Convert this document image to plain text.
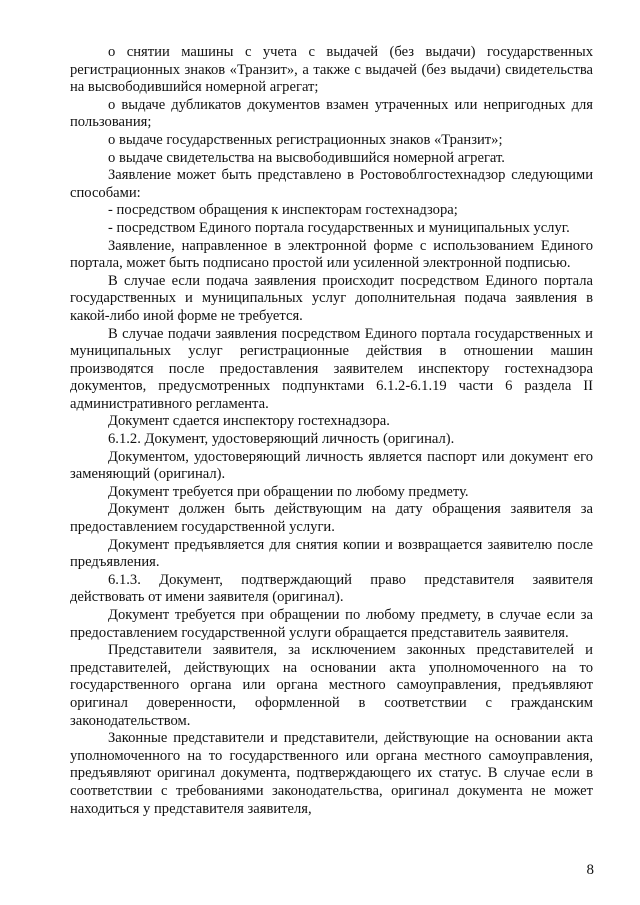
о снятии машины с учета с выдачей (без выдачи) государственных регистрационных знаков «Транзит», а также с выдачей (без выдачи) свидетельства на высвободившийся номерной агрегат;

о выдаче дубликатов документов взамен утраченных или непригодных для пользования;

о выдаче государственных регистрационных знаков «Транзит»;

о выдаче свидетельства на высвободившийся номерной агрегат.

Заявление может быть представлено в Ростовоблгостехнадзор следующими способами:

- посредством обращения к инспекторам гостехнадзора;

- посредством Единого портала государственных и муниципальных услуг.

Заявление, направленное в электронной форме с использованием Единого портала, может быть подписано простой или усиленной электронной подписью.

В случае если подача заявления происходит посредством Единого портала государственных и муниципальных услуг дополнительная подача заявления в какой-либо иной форме не требуется.

В случае подачи заявления посредством Единого портала государственных и муниципальных услуг регистрационные действия в отношении машин производятся после предоставления заявителем инспектору гостехнадзора документов, предусмотренных подпунктами 6.1.2-6.1.19 части 6 раздела II административного регламента.

Документ сдается инспектору гостехнадзора.

6.1.2. Документ, удостоверяющий личность (оригинал).

Документом, удостоверяющий личность является паспорт или документ его заменяющий (оригинал).

Документ требуется при обращении по любому предмету.

Документ должен быть действующим на дату обращения заявителя за предоставлением государственной услуги.

Документ предъявляется для снятия копии и возвращается заявителю после предъявления.

6.1.3. Документ, подтверждающий право представителя заявителя действовать от имени заявителя (оригинал).

Документ требуется при обращении по любому предмету, в случае если за предоставлением государственной услуги обращается представитель заявителя.

Представители заявителя, за исключением законных представителей и представителей, действующих на основании акта уполномоченного на то государственного органа или органа местного самоуправления, предъявляют оригинал доверенности, оформленной в соответствии с гражданским законодательством.

Законные представители и представители, действующие на основании акта уполномоченного на то государственного или органа местного самоуправления, предъявляют оригинал документа, подтверждающего их статус. В случае если в соответствии с требованиями законодательства, оригинал документа не может находиться у представителя заявителя,

8
